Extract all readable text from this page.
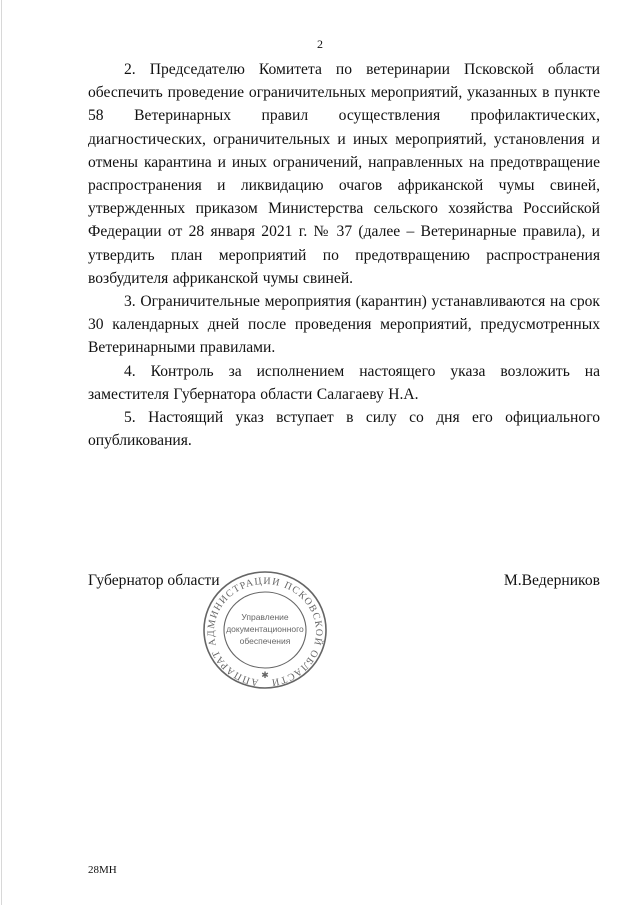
2

2. Председателю Комитета по ветеринарии Псковской области обеспечить проведение ограничительных мероприятий, указанных в пункте 58 Ветеринарных правил осуществления профилактических, диагностических, ограничительных и иных мероприятий, установления и отмены карантина и иных ограничений, направленных на предотвращение распространения и ликвидацию очагов африканской чумы свиней, утвержденных приказом Министерства сельского хозяйства Российской Федерации от 28 января 2021 г. № 37 (далее – Ветеринарные правила), и утвердить план мероприятий по предотвращению распространения возбудителя африканской чумы свиней.

3. Ограничительные мероприятия (карантин) устанавливаются на срок 30 календарных дней после проведения мероприятий, предусмотренных Ветеринарными правилами.

4. Контроль за исполнением настоящего указа возложить на заместителя Губернатора области Салагаеву Н.А.

5. Настоящий указ вступает в силу со дня его официального опубликования.

Губернатор области	М.Ведерников
АППАРАТ АДМИНИСТРАЦИИ ПСКОВСКОЙ ОБЛАСТИ
Управление
документационного
обеспечения
✱
28МН
